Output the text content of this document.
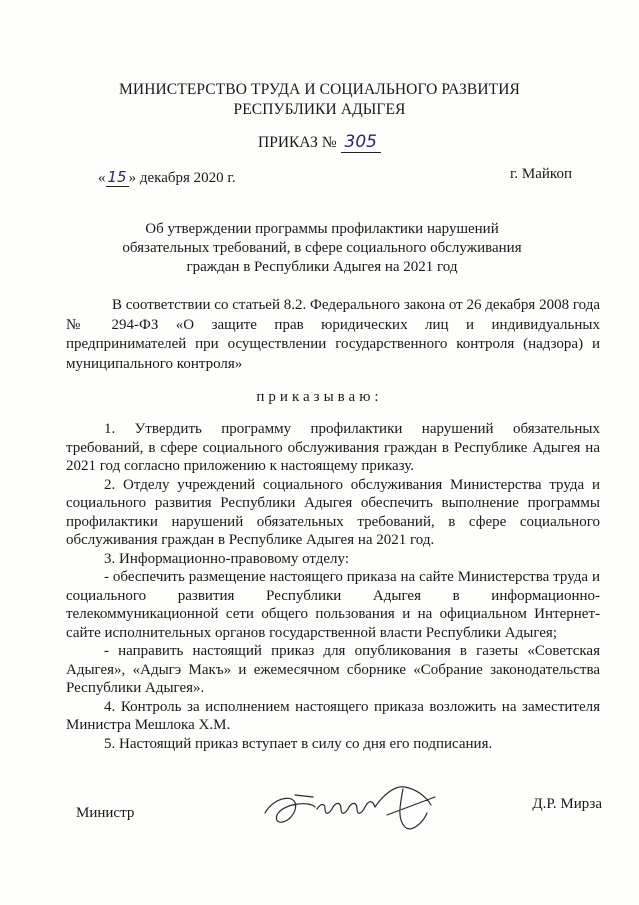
МИНИСТЕРСТВО ТРУДА И СОЦИАЛЬНОГО РАЗВИТИЯ
РЕСПУБЛИКИ АДЫГЕЯ
ПРИКАЗ № 305
« 15 » декабря 2020 г.	г. Майкоп
Об утверждении программы профилактики нарушений обязательных требований, в сфере социального обслуживания граждан в Республики Адыгея на 2021 год
В соответствии со статьей 8.2. Федерального закона от 26 декабря 2008 года № 294-ФЗ «О защите прав юридических лиц и индивидуальных предпринимателей при осуществлении государственного контроля (надзора) и муниципального контроля»
приказываю:

1. Утвердить программу профилактики нарушений обязательных требований, в сфере социального обслуживания граждан в Республике Адыгея на 2021 год согласно приложению к настоящему приказу.

2. Отделу учреждений социального обслуживания Министерства труда и социального развития Республики Адыгея обеспечить выполнение программы профилактики нарушений обязательных требований, в сфере социального обслуживания граждан в Республике Адыгея на 2021 год.

3. Информационно-правовому отделу:

- обеспечить размещение настоящего приказа на сайте Министерства труда и социального развития Республики Адыгея в информационно-телекоммуникационной сети общего пользования и на официальном Интернет-сайте исполнительных органов государственной власти Республики Адыгея;

- направить настоящий приказ для опубликования в газеты «Советская Адыгея», «Адыгэ Макъ» и ежемесячном сборнике «Собрание законодательства Республики Адыгея».

4. Контроль за исполнением настоящего приказа возложить на заместителя Министра Мешлока Х.М.

5. Настоящий приказ вступает в силу со дня его подписания.

Министр
Д.Р. Мирза
